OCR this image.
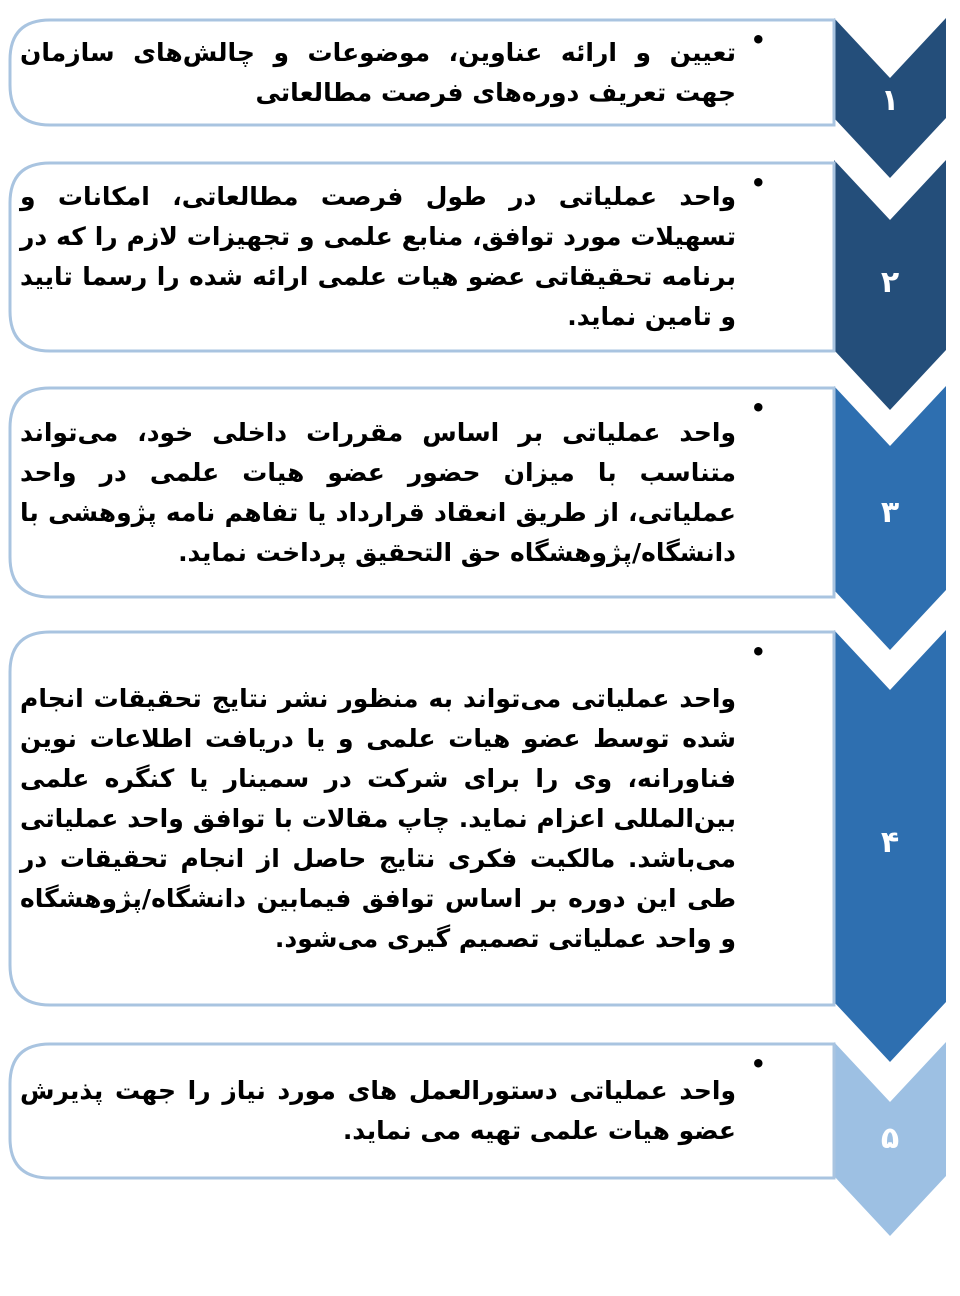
•
تعیین و ارائه عناوین، موضوعات و چالش‌های سازمان جهت تعریف دوره‌های فرصت مطالعاتی	۱
•
واحد عملیاتی در طول فرصت مطالعاتی، امکانات و تسهیلات مورد توافق، منابع علمی و تجهیزات لازم را که در برنامه تحقیقاتی عضو هیات علمی ارائه شده را رسما تایید و تامین نماید.
۲
•
واحد عملیاتی بر اساس مقررات داخلی خود، می‌تواند متناسب با میزان حضور عضو هیات علمی در واحد عملیاتی، از طریق انعقاد قرارداد یا تفاهم نامه پژوهشی با دانشگاه/پژوهشگاه حق التحقیق پرداخت نماید.
۳
•
واحد عملیاتی می‌تواند به منظور نشر نتایج تحقیقات انجام شده توسط عضو هیات علمی و یا دریافت اطلاعات نوین فناورانه، وی را برای شرکت در سمینار یا کنگره علمی بین‌المللی اعزام نماید. چاپ مقالات با توافق واحد عملیاتی می‌باشد. مالکیت فکری نتایج حاصل از انجام تحقیقات در طی این دوره بر اساس توافق فیمابین دانشگاه/پژوهشگاه و واحد عملیاتی تصمیم گیری می‌شود.
۴
•
واحد عملیاتی دستورالعمل های مورد نیاز را جهت پذیرش عضو هیات علمی تهیه می نماید.	۵
